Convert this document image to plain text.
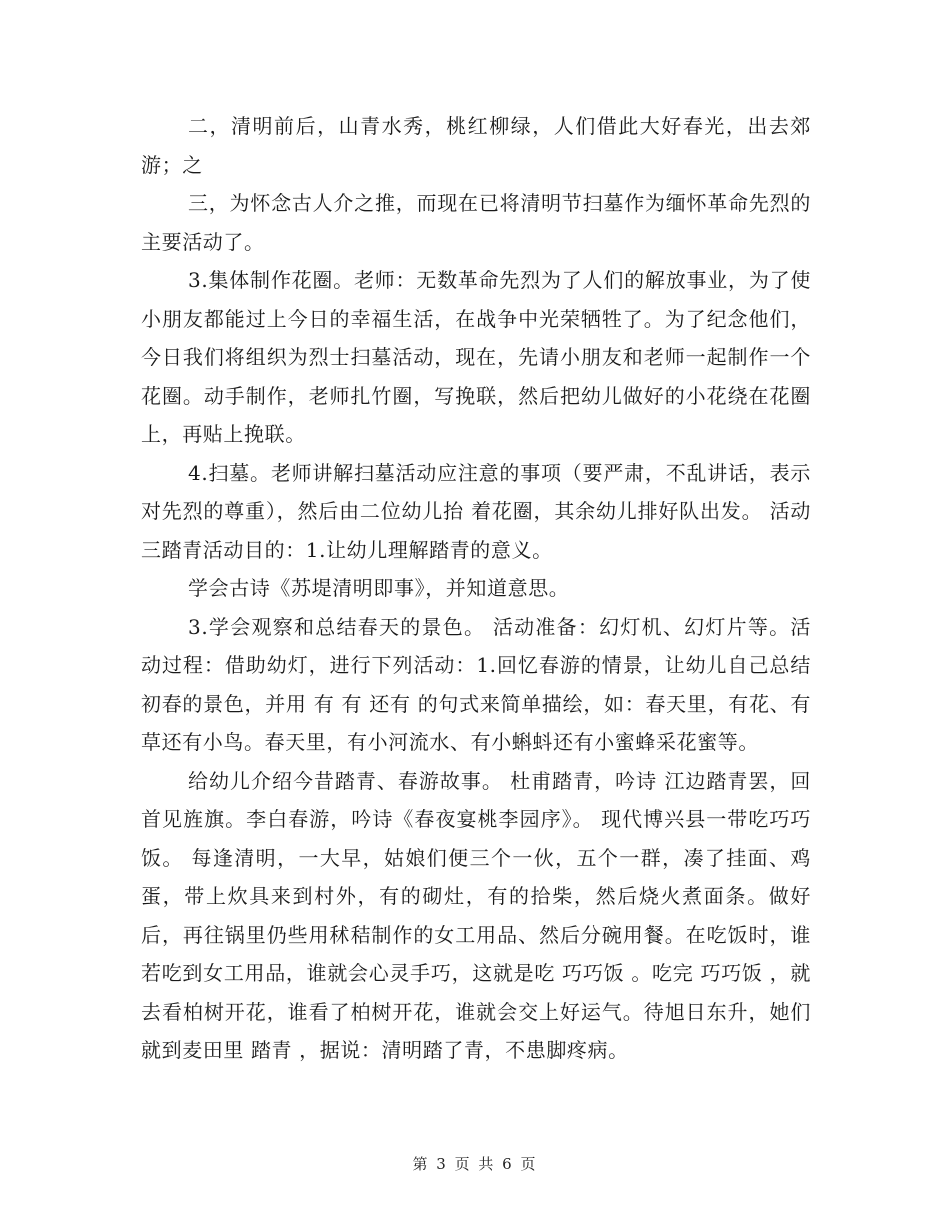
二，清明前后，山青水秀，桃红柳绿，人们借此大好春光，出去郊游；之

三，为怀念古人介之推，而现在已将清明节扫墓作为缅怀革命先烈的主要活动了。

3.集体制作花圈。老师：无数革命先烈为了人们的解放事业，为了使小朋友都能过上今日的幸福生活，在战争中光荣牺牲了。为了纪念他们，今日我们将组织为烈士扫墓活动，现在，先请小朋友和老师一起制作一个 花圈。动手制作，老师扎竹圈，写挽联，然后把幼儿做好的小花绕在花圈上，再贴上挽联。

4.扫墓。老师讲解扫墓活动应注意的事项（要严肃，不乱讲话，表示对先烈的尊重），然后由二位幼儿抬 着花圈，其余幼儿排好队出发。 活动三踏青活动目的：1.让幼儿理解踏青的意义。

学会古诗《苏堤清明即事》，并知道意思。

3.学会观察和总结春天的景色。 活动准备：幻灯机、幻灯片等。活动过程：借助幼灯，进行下列活动：1.回忆春游的情景，让幼儿自己总结初春的景色，并用 有 有 还有 的句式来简单描绘，如：春天里，有花、有草还有小鸟。春天里，有小河流水、有小蝌蚪还有小蜜蜂采花蜜等。

给幼儿介绍今昔踏青、春游故事。 杜甫踏青，吟诗 江边踏青罢，回首见旌旗。李白春游，吟诗《春夜宴桃李园序》。 现代博兴县一带吃巧巧饭。 每逢清明，一大早，姑娘们便三个一伙，五个一群，凑了挂面、鸡蛋，带上炊具来到村外，有的砌灶，有的拾柴，然后烧火煮面条。做好后，再往锅里仍些用秫秸制作的女工用品、然后分碗用餐。在吃饭时，谁若吃到女工用品，谁就会心灵手巧，这就是吃 巧巧饭 。吃完 巧巧饭 ，就去看柏树开花，谁看了柏树开花，谁就会交上好运气。待旭日东升，她们就到麦田里 踏青 ，据说：清明踏了青，不患脚疼病。

第 3 页 共 6 页
